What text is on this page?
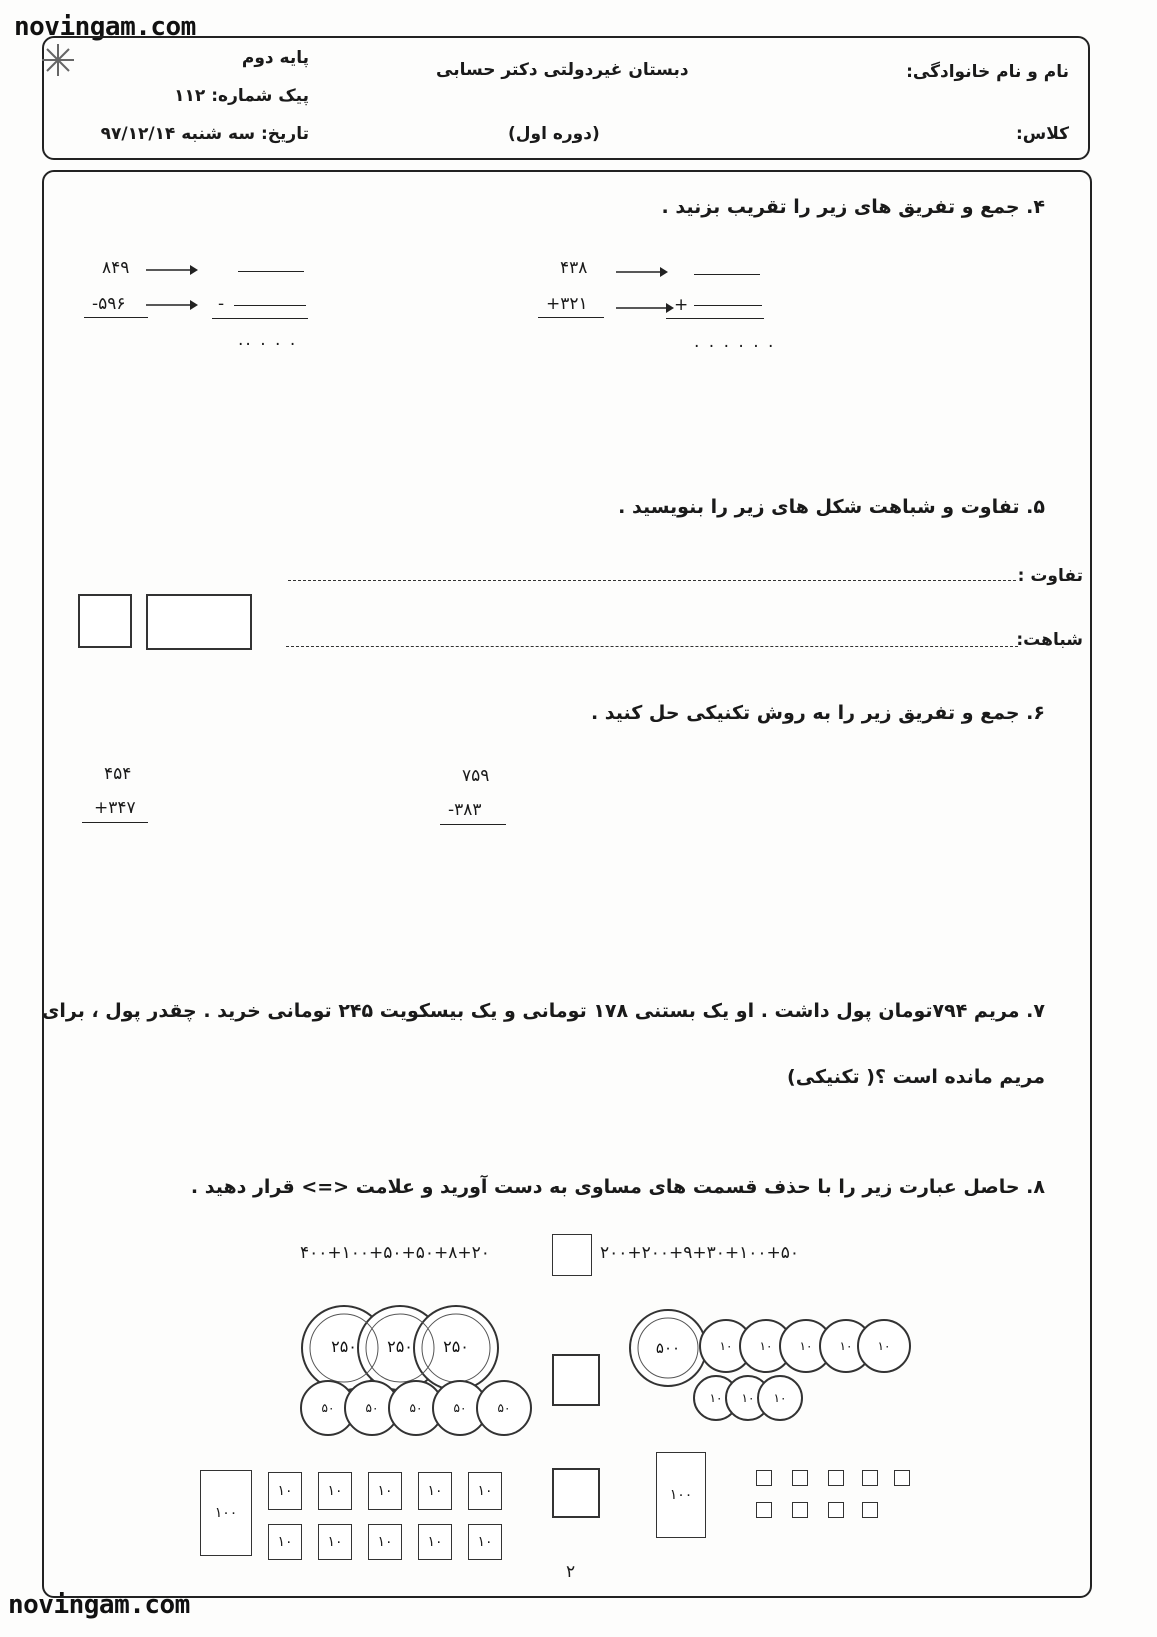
novingam.com
novingam.com
پایه دوم
پیک شماره: ۱۱۲
تاریخ: سه شنبه ۹۷/۱۲/۱۴
دبستان غیردولتی دکتر حسابی
(دوره اول)
نام و نام خانوادگی:
کلاس:
۴. جمع و تفریق های زیر را تقریب بزنید .
۸۴۹
-۵۹۶	-
.. . . .
۴۳۸
+۳۲۱	+
. . . . . .
۵. تفاوت و شباهت شکل های زیر را بنویسید .
تفاوت :
شباهت:
۶. جمع و تفریق زیر را به روش تکنیکی حل کنید .
۴۵۴
+۳۴۷
۷۵۹
-۳۸۳
۷. مریم ۷۹۴تومان پول داشت . او یک بستنی ۱۷۸ تومانی و یک بیسکویت ۲۴۵ تومانی خرید . چقدر پول ، برای
مریم مانده است ؟( تکنیکی)
۸. حاصل عبارت زیر را با حذف قسمت های مساوی به دست آورید و علامت <=> قرار دهید .
۲۰۰+۲۰۰+۹+۳۰+۱۰۰+۵۰
۴۰۰+۱۰۰+۵۰+۵۰+۸+۲۰
۲۵۰ ۲۵۰ ۲۵۰
۵۰	۵۰	۵۰	۵۰	۵۰
۵۰۰	۱۰ ۱۰ ۱۰ ۱۰ ۱۰
۱۰ ۱۰ ۱۰
۱۰۰
۱۰	۱۰	۱۰	۱۰	۱۰
۱۰	۱۰	۱۰	۱۰	۱۰
۱۰۰
۲
